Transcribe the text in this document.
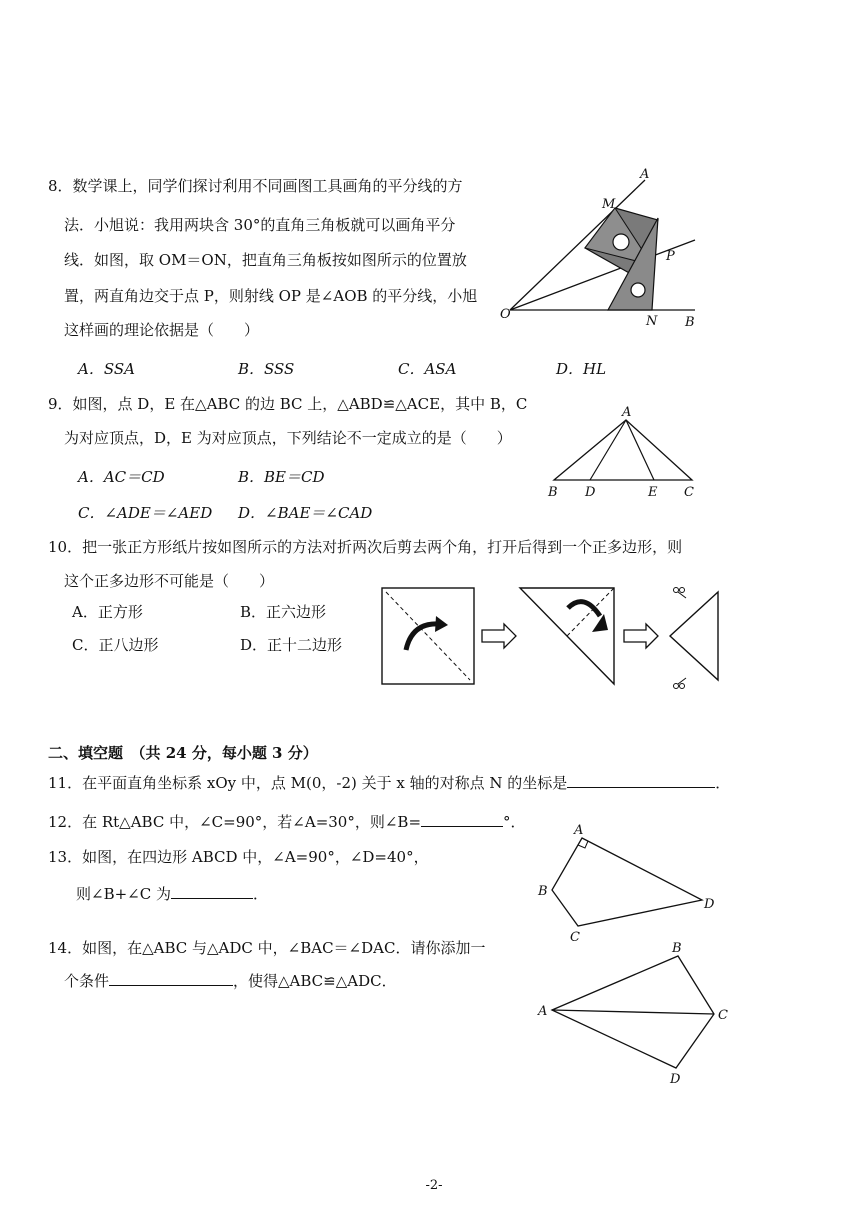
8．数学课上，同学们探讨利用不同画图工具画角的平分线的方
法．小旭说：我用两块含 30°的直角三角板就可以画角平分
线．如图，取 OM＝ON，把直角三角板按如图所示的位置放
置，两直角边交于点 P，则射线 OP 是∠AOB 的平分线，小旭
这样画的理论依据是（　　）
A．SSA	B．SSS	C．ASA	D．HL
A
M
P
O	N B
9．如图，点 D，E 在△ABC 的边 BC 上，△ABD≌△ACE，其中 B，C
为对应顶点，D，E 为对应顶点，下列结论不一定成立的是（　　）
A．AC＝CD	B．BE＝CD
C．∠ADE＝∠AED D．∠BAE＝∠CAD
A
B D	E C
10．把一张正方形纸片按如图所示的方法对折两次后剪去两个角，打开后得到一个正多边形，则
这个正多边形不可能是（　　）
A．正方形	B．正六边形
C．正八边形	D．正十二边形
二、填空题　（共 24 分，每小题 3 分）
11．在平面直角坐标系 xOy 中，点 M(0，-2) 关于 x 轴的对称点 N 的坐标是	．
12．在 Rt△ABC 中，∠C=90°，若∠A=30°，则∠B=	°．
13．如图，在四边形 ABCD 中，∠A=90°，∠D=40°，
则∠B+∠C 为	．
A
B
C
D
14．如图，在△ABC 与△ADC 中，∠BAC＝∠DAC．请你添加一
个条件	，使得△ABC≌△ADC．
A
B
C
D
-2-
